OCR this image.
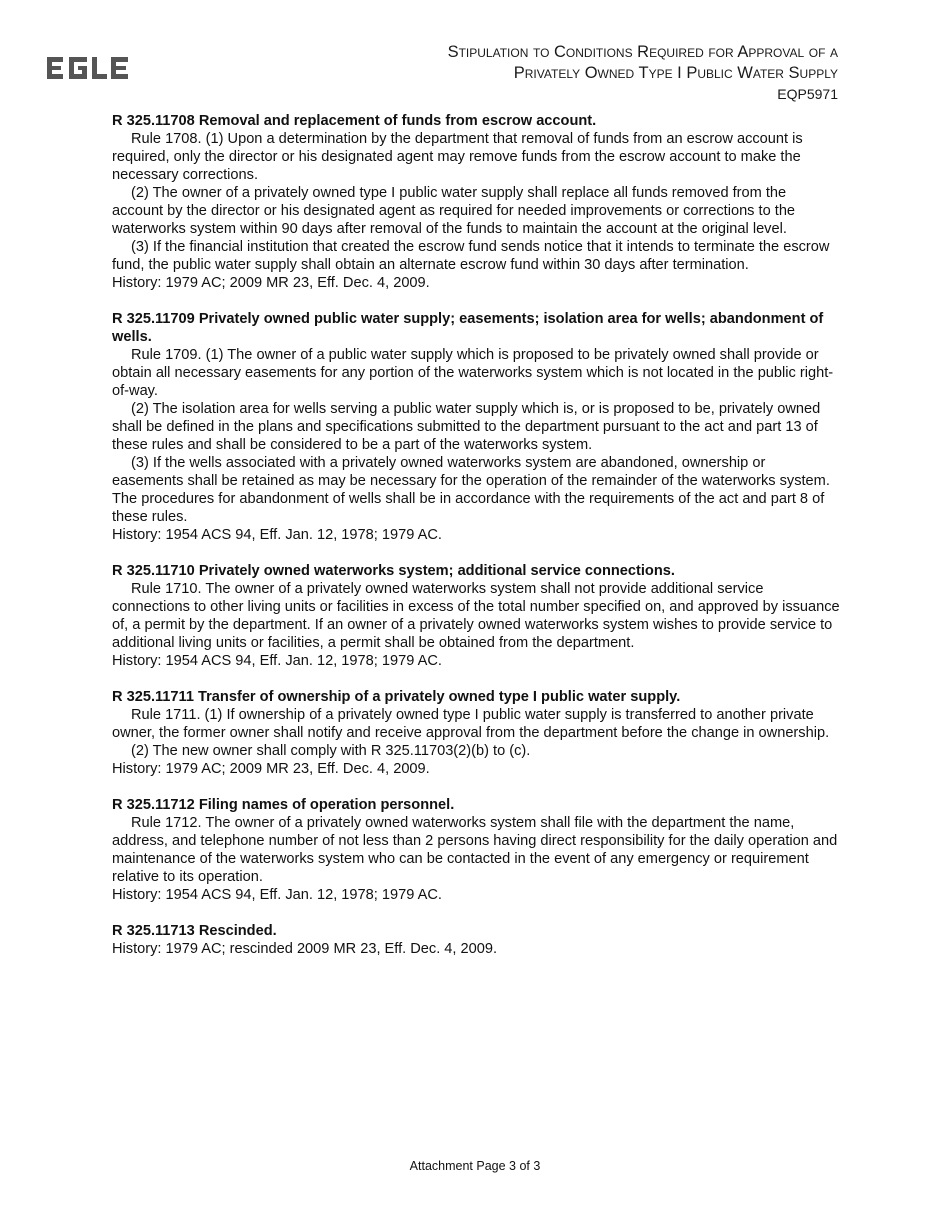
Stipulation to Conditions Required for Approval of a
Privately Owned Type I Public Water Supply
EQP5971

R 325.11708 Removal and replacement of funds from escrow account.

Rule 1708. (1) Upon a determination by the department that removal of funds from an escrow account is required, only the director or his designated agent may remove funds from the escrow account to make the necessary corrections.

(2) The owner of a privately owned type I public water supply shall replace all funds removed from the account by the director or his designated agent as required for needed improvements or corrections to the waterworks system within 90 days after removal of the funds to maintain the account at the original level.

(3) If the financial institution that created the escrow fund sends notice that it intends to terminate the escrow fund, the public water supply shall obtain an alternate escrow fund within 30 days after termination.

History: 1979 AC; 2009 MR 23, Eff. Dec. 4, 2009.

R 325.11709 Privately owned public water supply; easements; isolation area for wells; abandonment of wells.

Rule 1709. (1) The owner of a public water supply which is proposed to be privately owned shall provide or obtain all necessary easements for any portion of the waterworks system which is not located in the public right-of-way.

(2) The isolation area for wells serving a public water supply which is, or is proposed to be, privately owned shall be defined in the plans and specifications submitted to the department pursuant to the act and part 13 of these rules and shall be considered to be a part of the waterworks system.

(3) If the wells associated with a privately owned waterworks system are abandoned, ownership or easements shall be retained as may be necessary for the operation of the remainder of the waterworks system. The procedures for abandonment of wells shall be in accordance with the requirements of the act and part 8 of these rules.

History: 1954 ACS 94, Eff. Jan. 12, 1978; 1979 AC.

R 325.11710 Privately owned waterworks system; additional service connections.

Rule 1710. The owner of a privately owned waterworks system shall not provide additional service connections to other living units or facilities in excess of the total number specified on, and approved by issuance of, a permit by the department. If an owner of a privately owned waterworks system wishes to provide service to additional living units or facilities, a permit shall be obtained from the department.

History: 1954 ACS 94, Eff. Jan. 12, 1978; 1979 AC.

R 325.11711 Transfer of ownership of a privately owned type I public water supply.

Rule 1711. (1) If ownership of a privately owned type I public water supply is transferred to another private owner, the former owner shall notify and receive approval from the department before the change in ownership.

(2) The new owner shall comply with R 325.11703(2)(b) to (c).

History: 1979 AC; 2009 MR 23, Eff. Dec. 4, 2009.

R 325.11712 Filing names of operation personnel.

Rule 1712. The owner of a privately owned waterworks system shall file with the department the name, address, and telephone number of not less than 2 persons having direct responsibility for the daily operation and maintenance of the waterworks system who can be contacted in the event of any emergency or requirement relative to its operation.

History: 1954 ACS 94, Eff. Jan. 12, 1978; 1979 AC.

R 325.11713 Rescinded.

History: 1979 AC; rescinded 2009 MR 23, Eff. Dec. 4, 2009.

Attachment Page 3 of 3
